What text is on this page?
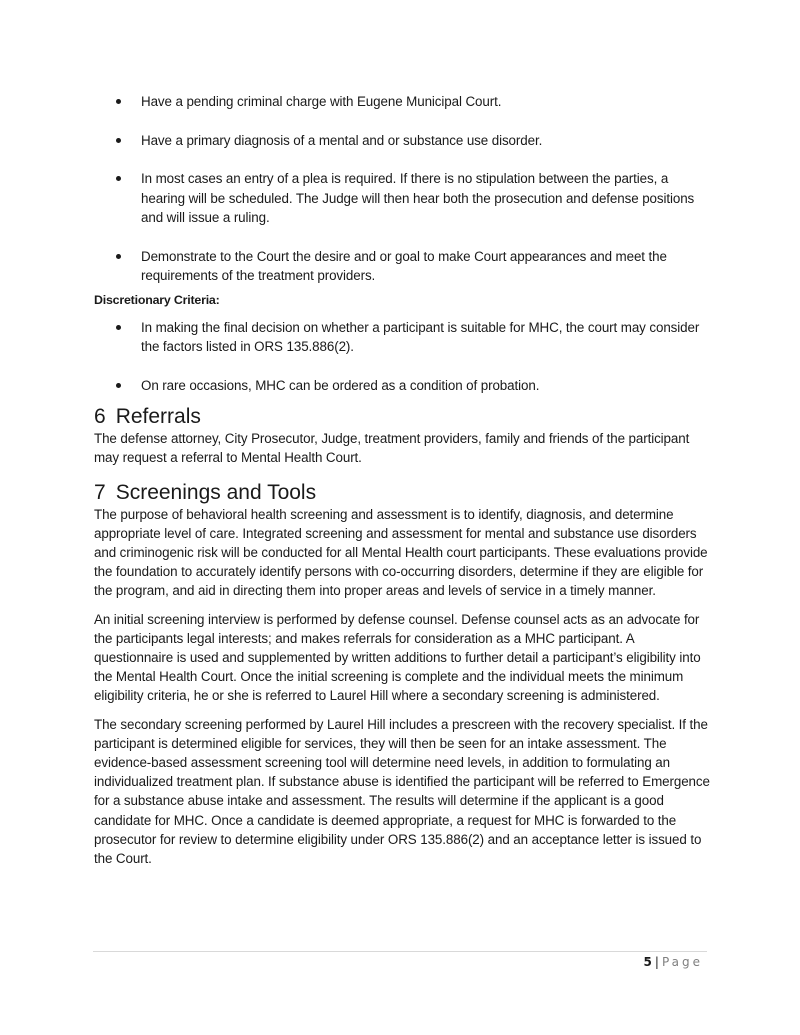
Have a pending criminal charge with Eugene Municipal Court.
Have a primary diagnosis of a mental and or substance use disorder.
In most cases an entry of a plea is required. If there is no stipulation between the parties, a hearing will be scheduled. The Judge will then hear both the prosecution and defense positions and will issue a ruling.
Demonstrate to the Court the desire and or goal to make Court appearances and meet the requirements of the treatment providers.
Discretionary Criteria:
In making the final decision on whether a participant is suitable for MHC, the court may consider the factors listed in ORS 135.886(2).
On rare occasions, MHC can be ordered as a condition of probation.
6 Referrals

The defense attorney, City Prosecutor, Judge, treatment providers, family and friends of the participant may request a referral to Mental Health Court.

7 Screenings and Tools

The purpose of behavioral health screening and assessment is to identify, diagnosis, and determine appropriate level of care. Integrated screening and assessment for mental and substance use disorders and criminogenic risk will be conducted for all Mental Health court participants. These evaluations provide the foundation to accurately identify persons with co-occurring disorders, determine if they are eligible for the program, and aid in directing them into proper areas and levels of service in a timely manner.

An initial screening interview is performed by defense counsel. Defense counsel acts as an advocate for the participants legal interests; and makes referrals for consideration as a MHC participant. A questionnaire is used and supplemented by written additions to further detail a participant’s eligibility into the Mental Health Court. Once the initial screening is complete and the individual meets the minimum eligibility criteria, he or she is referred to Laurel Hill where a secondary screening is administered.

The secondary screening performed by Laurel Hill includes a prescreen with the recovery specialist. If the participant is determined eligible for services, they will then be seen for an intake assessment. The evidence-based assessment screening tool will determine need levels, in addition to formulating an individualized treatment plan. If substance abuse is identified the participant will be referred to Emergence for a substance abuse intake and assessment. The results will determine if the applicant is a good candidate for MHC. Once a candidate is deemed appropriate, a request for MHC is forwarded to the prosecutor for review to determine eligibility under ORS 135.886(2) and an acceptance letter is issued to the Court.

5 | Page
